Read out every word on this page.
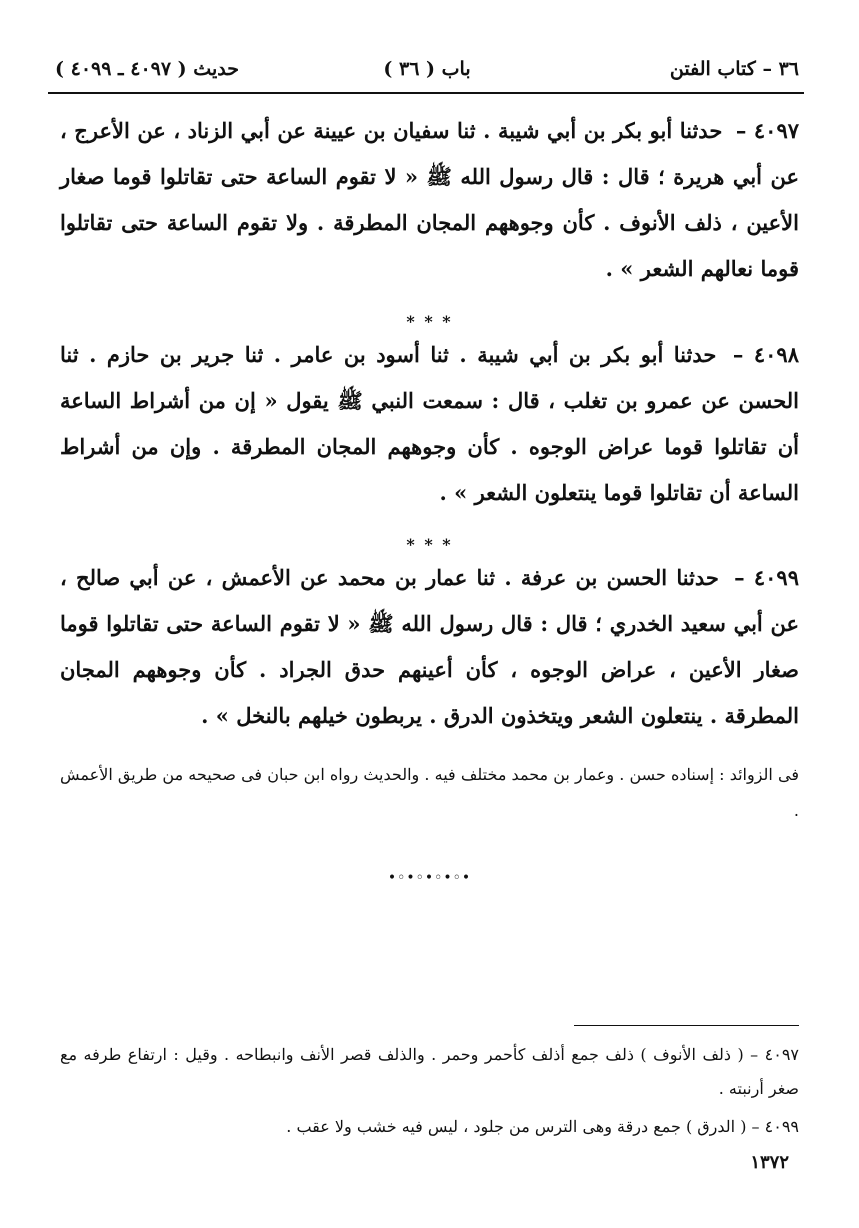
٣٦ – كتاب الفتن
( ٣٦ ) باب
( ٤٠٩٧ ـ ٤٠٩٩ ) حديث
٤٠٩٧ – حدثنا أبو بكر بن أبي شيبة . ثنا سفيان بن عيينة عن أبي الزناد ، عن الأعرج ، عن أبي هريرة ؛ قال : قال رسول الله ﷺ « لا تقوم الساعة حتى تقاتلوا قوما صغار الأعين ، ذلف الأنوف . كأن وجوههم المجان المطرقة . ولا تقوم الساعة حتى تقاتلوا قوما نعالهم الشعر » .
* * *
٤٠٩٨ – حدثنا أبو بكر بن أبي شيبة . ثنا أسود بن عامر . ثنا جرير بن حازم . ثنا الحسن عن عمرو بن تغلب ، قال : سمعت النبي ﷺ يقول « إن من أشراط الساعة أن تقاتلوا قوما عراض الوجوه . كأن وجوههم المجان المطرقة . وإن من أشراط الساعة أن تقاتلوا قوما ينتعلون الشعر » .
* * *
٤٠٩٩ – حدثنا الحسن بن عرفة . ثنا عمار بن محمد عن الأعمش ، عن أبي صالح ، عن أبي سعيد الخدري ؛ قال : قال رسول الله ﷺ « لا تقوم الساعة حتى تقاتلوا قوما صغار الأعين ، عراض الوجوه ، كأن أعينهم حدق الجراد . كأن وجوههم المجان المطرقة . ينتعلون الشعر ويتخذون الدرق . يربطون خيلهم بالنخل » .
فى الزوائد : إسناده حسن . وعمار بن محمد مختلف فيه . والحديث رواه ابن حبان فى صحيحه من طريق الأعمش .
•◦•◦•◦•◦•

٤٠٩٧ – ( ذلف الأنوف ) ذلف جمع أذلف كأحمر وحمر . والذلف قصر الأنف وانبطاحه . وقيل : ارتفاع طرفه مع صغر أرنبته .

٤٠٩٩ – ( الدرق ) جمع درقة وهى الترس من جلود ، ليس فيه خشب ولا عقب .

١٣٧٢
